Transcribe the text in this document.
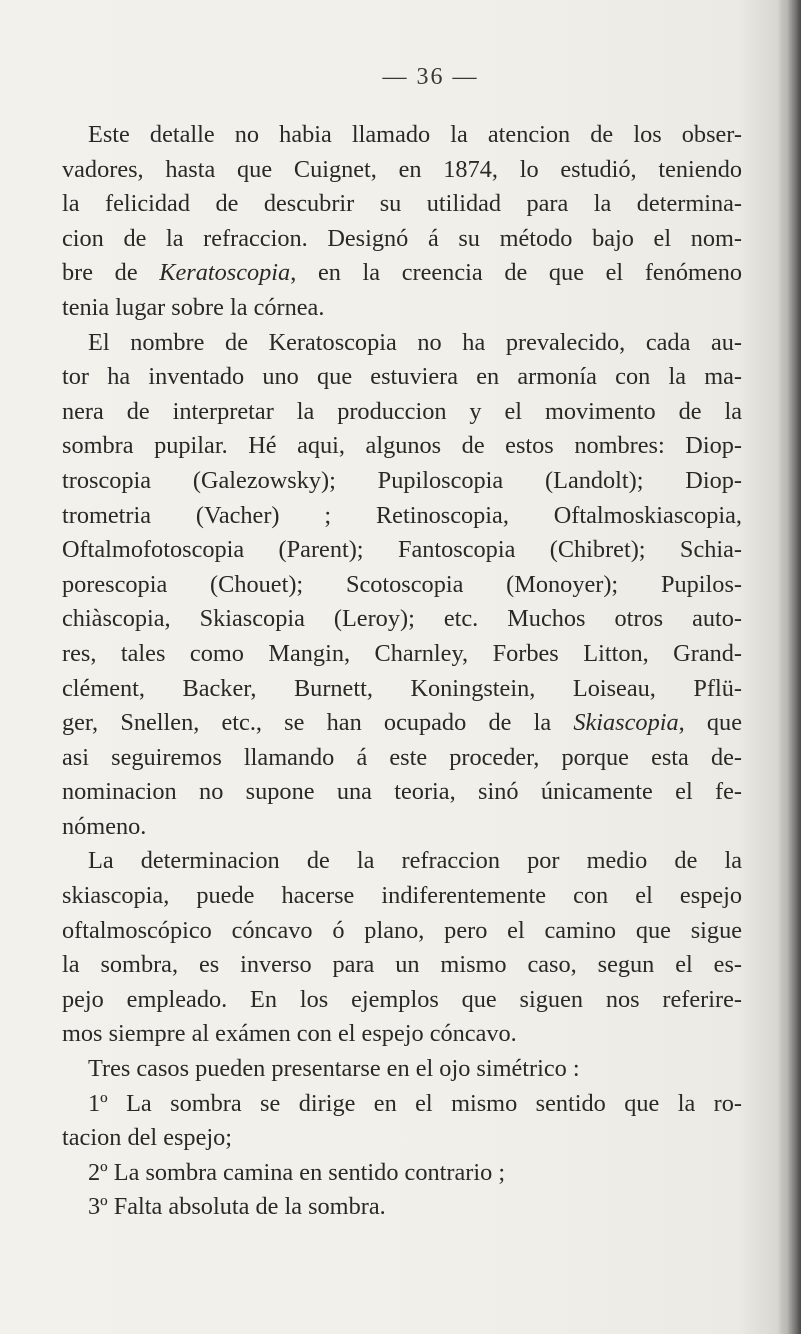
— 36 —
Este detalle no habia llamado la atencion de los obser-
vadores, hasta que Cuignet, en 1874, lo estudió, teniendo
la felicidad de descubrir su utilidad para la determina-
cion de la refraccion. Designó á su método bajo el nom-
bre de Keratoscopia, en la creencia de que el fenómeno
tenia lugar sobre la córnea.
El nombre de Keratoscopia no ha prevalecido, cada au-
tor ha inventado uno que estuviera en armonía con la ma-
nera de interpretar la produccion y el movimento de la
sombra pupilar. Hé aqui, algunos de estos nombres: Diop-
troscopia (Galezowsky); Pupiloscopia (Landolt); Diop-
trometria (Vacher) ; Retinoscopia, Oftalmoskiascopia,
Oftalmofotoscopia (Parent); Fantoscopia (Chibret); Schia-
porescopia (Chouet); Scotoscopia (Monoyer); Pupilos-
chiàscopia, Skiascopia (Leroy); etc. Muchos otros auto-
res, tales como Mangin, Charnley, Forbes Litton, Grand-
clément, Backer, Burnett, Koningstein, Loiseau, Pflü-
ger, Snellen, etc., se han ocupado de la Skiascopia, que
asi seguiremos llamando á este proceder, porque esta de-
nominacion no supone una teoria, sinó únicamente el fe-
nómeno.
La determinacion de la refraccion por medio de la
skiascopia, puede hacerse indiferentemente con el espejo
oftalmoscópico cóncavo ó plano, pero el camino que sigue
la sombra, es inverso para un mismo caso, segun el es-
pejo empleado. En los ejemplos que siguen nos referire-
mos siempre al exámen con el espejo cóncavo.
Tres casos pueden presentarse en el ojo simétrico :
1º La sombra se dirige en el mismo sentido que la ro-
tacion del espejo;
2º La sombra camina en sentido contrario ;
3º Falta absoluta de la sombra.
